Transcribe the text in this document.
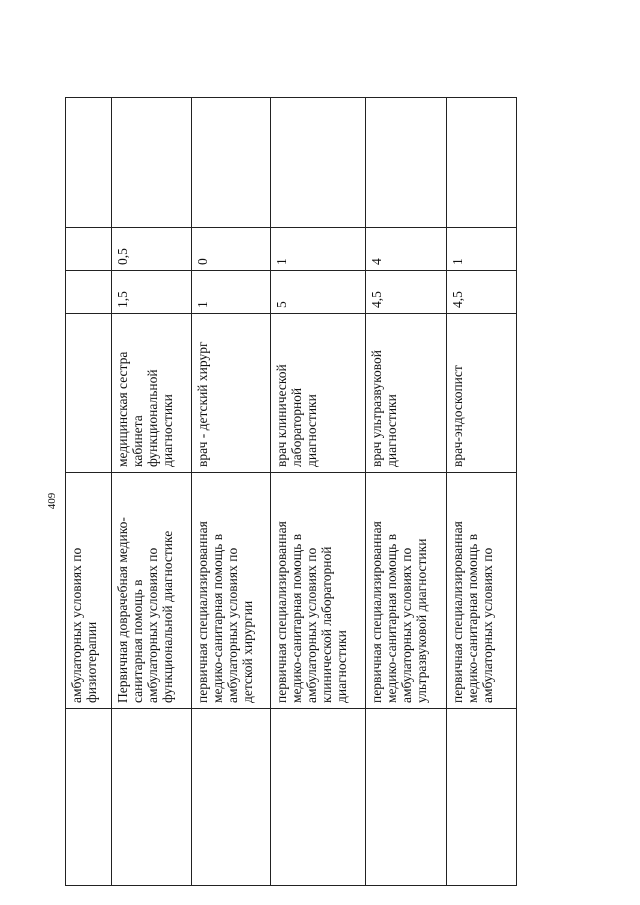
409
амбулаторных условиях по
физиотерапии	Первичная доврачебная медико-
санитарная помощь в
амбулаторных условиях по
функциональной диагностике
медицинская сестра
кабинета
функциональной
диагностики
1,5
0,5
первичная специализированная
медико-санитарная помощь в
амбулаторных условиях по
детской хирургии
врач - детский хирург
1
0
первичная специализированная
медико-санитарная помощь в
амбулаторных условиях по
клинической лабораторной
диагностики
врач клинической
лабораторной
диагностики
5
1
первичная специализированная
медико-санитарная помощь в
амбулаторных условиях по
ультразвуковой диагностики
врач ультразвуковой
диагностики
4,5
4
первичная специализированная
медико-санитарная помощь в
амбулаторных условиях по
врач-эндоскопист
4,5
1
